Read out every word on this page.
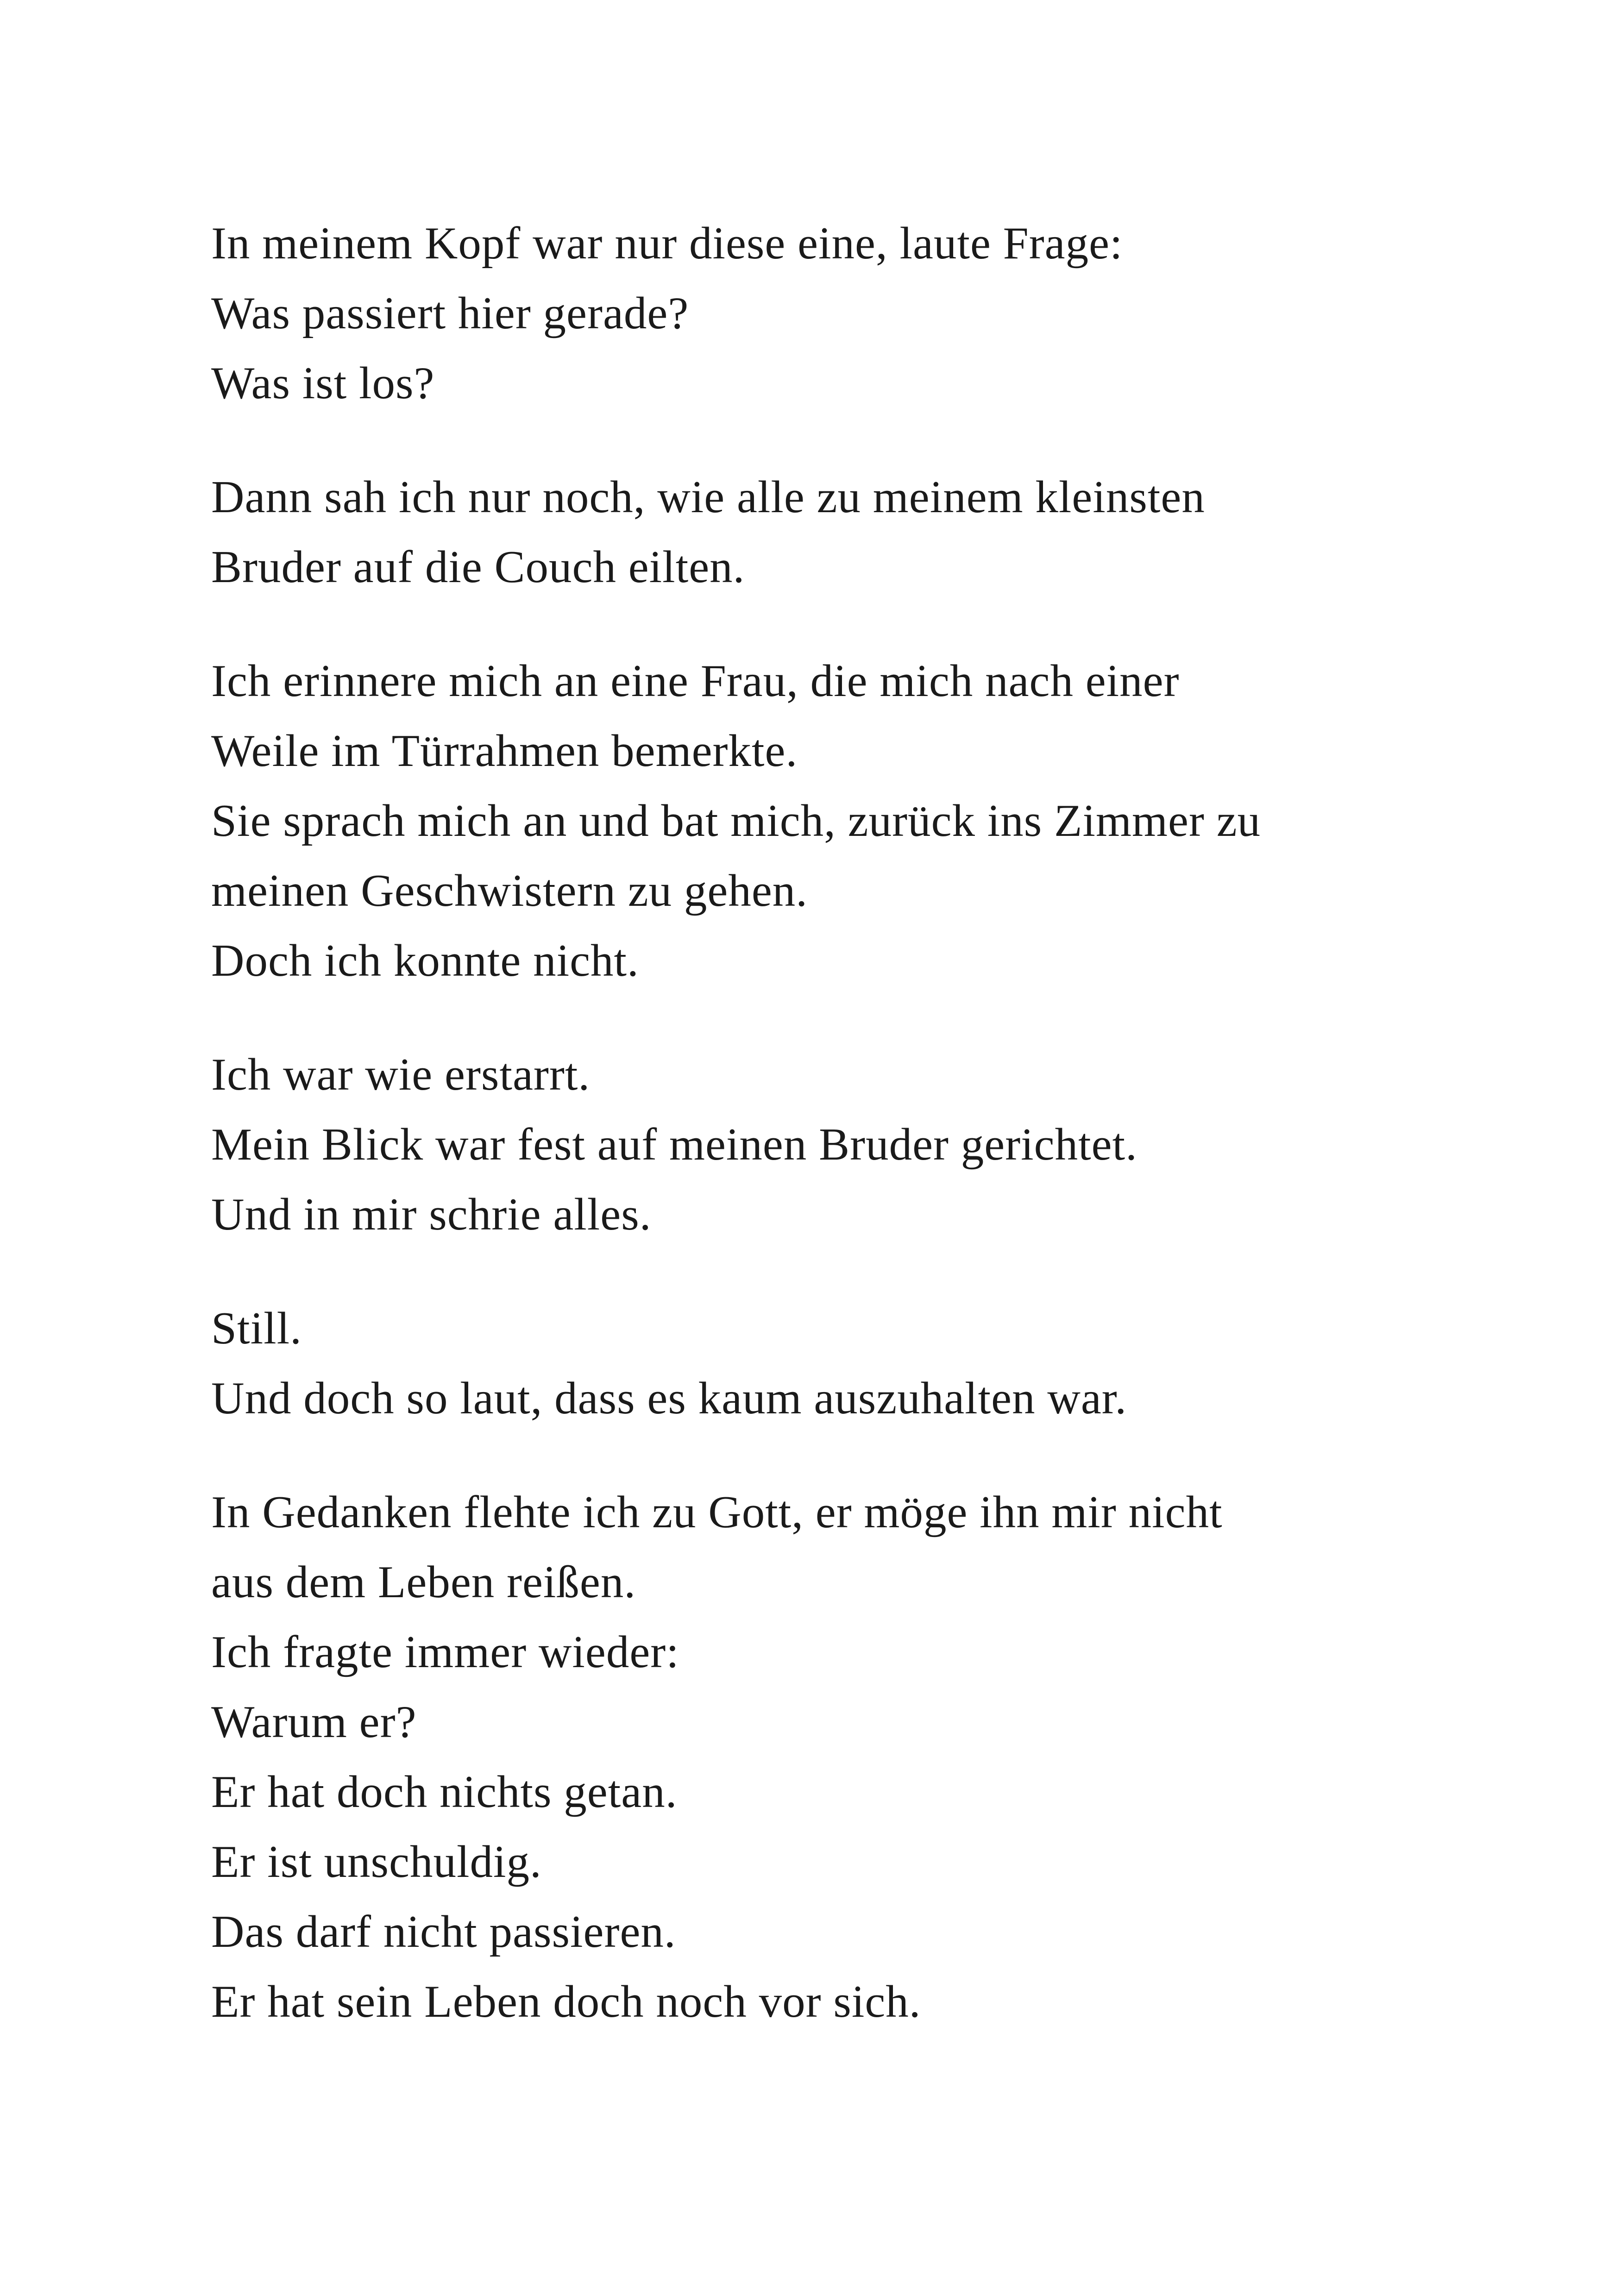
In meinem Kopf war nur diese eine, laute Frage:
Was passiert hier gerade?
Was ist los?
Dann sah ich nur noch, wie alle zu meinem kleinsten
Bruder auf die Couch eilten.
Ich erinnere mich an eine Frau, die mich nach einer
Weile im Türrahmen bemerkte.
Sie sprach mich an und bat mich, zurück ins Zimmer zu
meinen Geschwistern zu gehen.
Doch ich konnte nicht.
Ich war wie erstarrt.
Mein Blick war fest auf meinen Bruder gerichtet.
Und in mir schrie alles.
Still.
Und doch so laut, dass es kaum auszuhalten war.
In Gedanken flehte ich zu Gott, er möge ihn mir nicht
aus dem Leben reißen.
Ich fragte immer wieder:
Warum er?
Er hat doch nichts getan.
Er ist unschuldig.
Das darf nicht passieren.
Er hat sein Leben doch noch vor sich.
